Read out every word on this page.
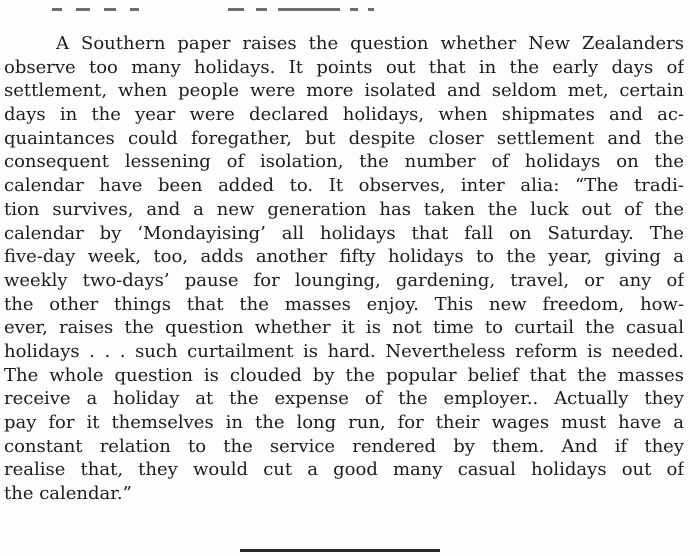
A Southern paper raises the question whether New Zealanders
observe too many holidays. It points out that in the early days of
settlement, when people were more isolated and seldom met, certain
days in the year were declared holidays, when shipmates and ac-
quaintances could foregather, but despite closer settlement and the
consequent lessening of isolation, the number of holidays on the
calendar have been added to. It observes, inter alia: “The tradi-
tion survives, and a new generation has taken the luck out of the
calendar by ‘Mondayising’ all holidays that fall on Saturday. The
five-day week, too, adds another fifty holidays to the year, giving a
weekly two-days’ pause for lounging, gardening, travel, or any of
the other things that the masses enjoy. This new freedom, how-
ever, raises the question whether it is not time to curtail the casual
holidays . . . such curtailment is hard. Nevertheless reform is needed.
The whole question is clouded by the popular belief that the masses
receive a holiday at the expense of the employer.. Actually they
pay for it themselves in the long run, for their wages must have a
constant relation to the service rendered by them. And if they
realise that, they would cut a good many casual holidays out of
the calendar.”
